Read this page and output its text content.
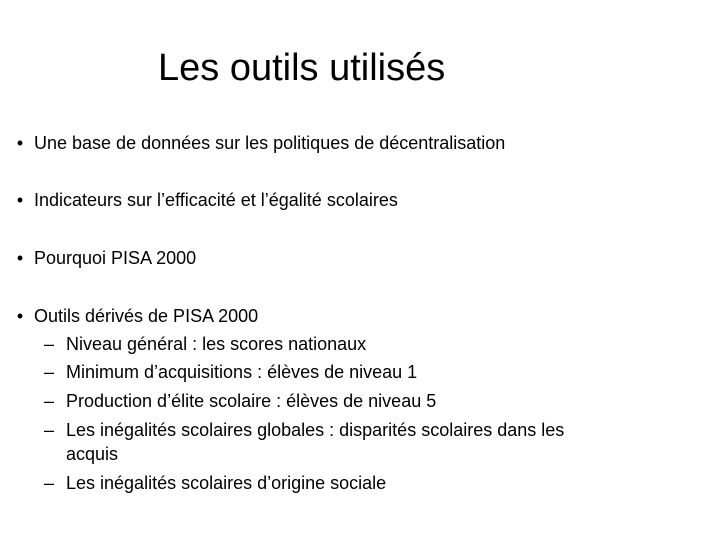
Les outils utilisés
• Une base de données sur les politiques de décentralisation
• Indicateurs sur l’efficacité et l’égalité scolaires
• Pourquoi PISA 2000
• Outils dérivés de PISA 2000
– Niveau général : les scores nationaux
– Minimum d’acquisitions : élèves de niveau 1
– Production d’élite scolaire : élèves de niveau 5
– Les inégalités scolaires globales : disparités scolaires dans les
acquis
– Les inégalités scolaires d’origine sociale
